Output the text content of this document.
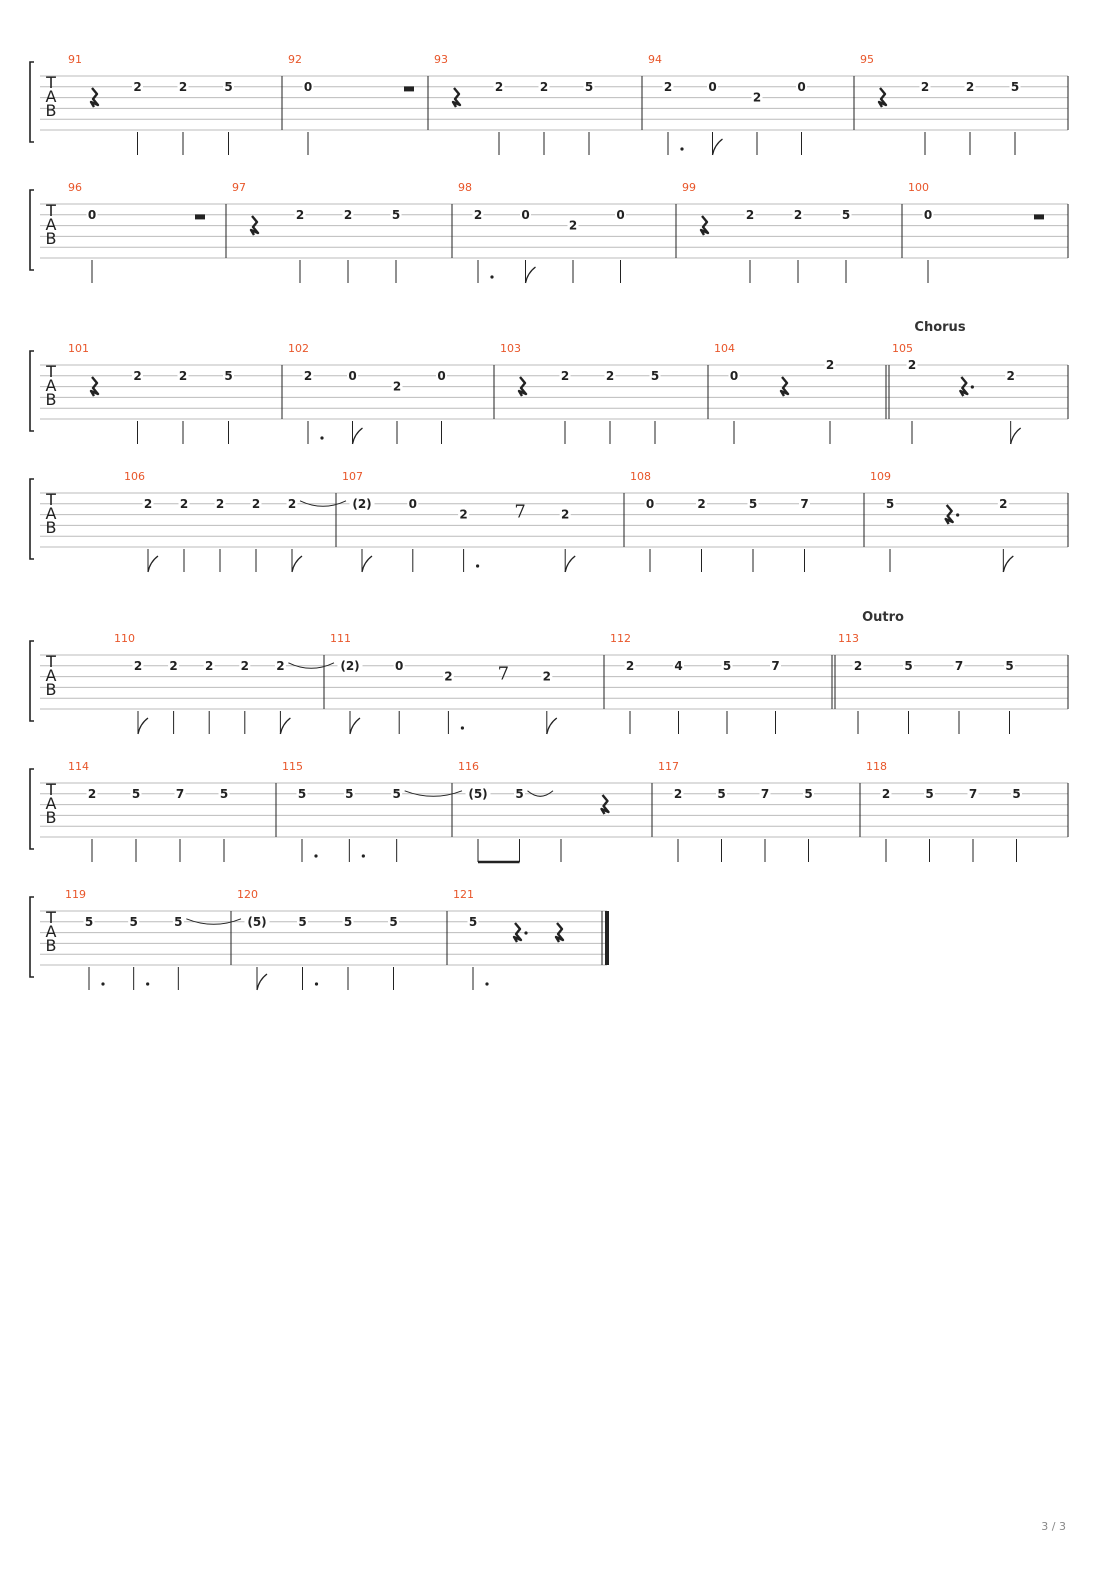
T
A
B
91
2	2	5
92
0
93
2	2	5
94
2	0
2
0
95
2	2	5
T
A
B
96
0
97
2	2	5
98
2	0
2
0
99
2	2	5
100
0
T
A
B
Chorus
101
2	2	5
102
2	0
2
0
103
2	2	5
104
0
2
105
2
2
T
A
B
106
2 2 2 2 2
107
(2)	0
2	7	2
108
0	2	5	7
109
5	2
T
A
B
Outro
110
2 2 2 2 2
111
(2)	0
2	7	2
112
2	4	5	7
113
2	5	7	5
T
A
B
114
2	5	7	5
115
5	5	5
116
(5) 5
117
2	5	7	5
118
2	5	7	5
T
A
B
119
5	5	5
120
(5)	5	5	5
121
5
3 / 3
